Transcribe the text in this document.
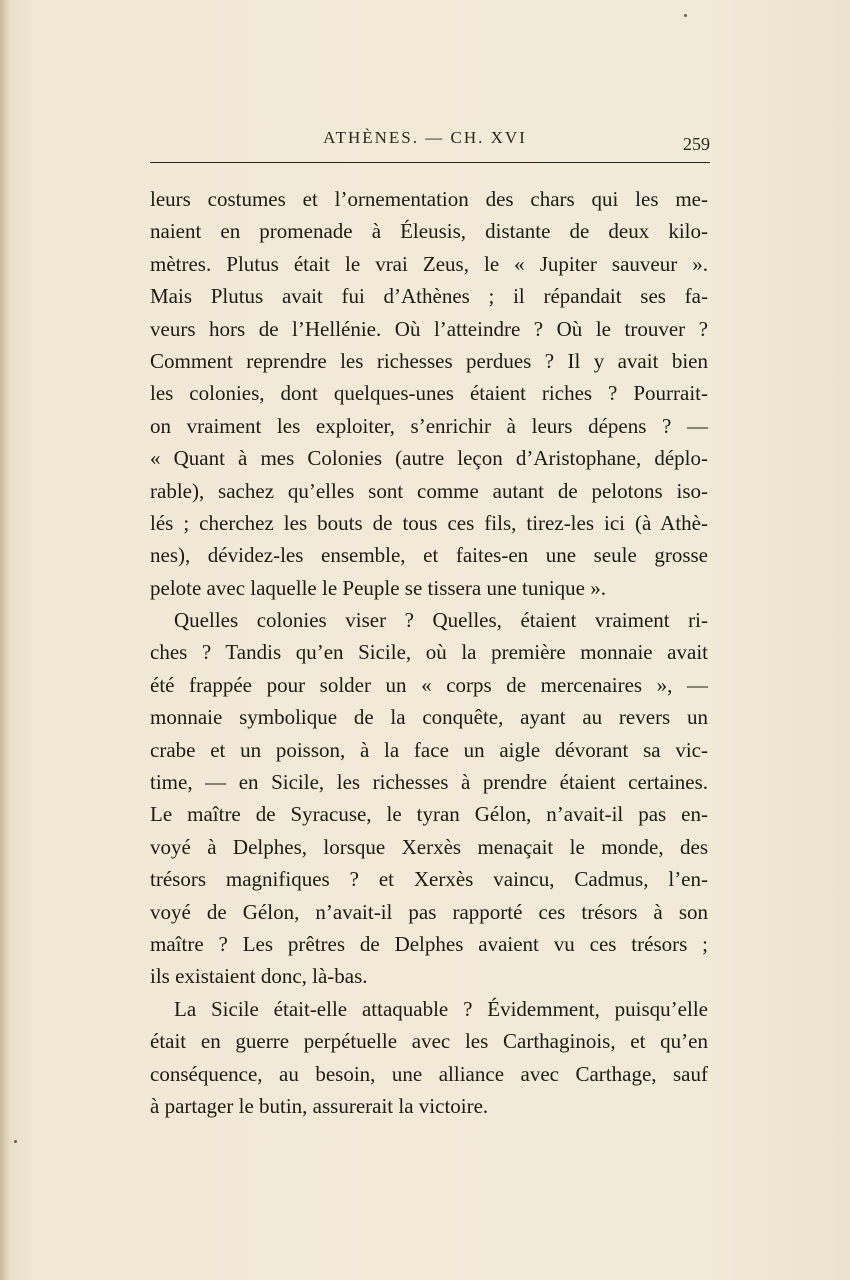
ATHÈNES. — CH. XVI	259
leurs costumes et l’ornementation des chars qui les me-
naient en promenade à Éleusis, distante de deux kilo-
mètres. Plutus était le vrai Zeus, le « Jupiter sauveur ».
Mais Plutus avait fui d’Athènes ; il répandait ses fa-
veurs hors de l’Hellénie. Où l’atteindre ? Où le trouver ?
Comment reprendre les richesses perdues ? Il y avait bien
les colonies, dont quelques-unes étaient riches ? Pourrait-
on vraiment les exploiter, s’enrichir à leurs dépens ? —
« Quant à mes Colonies (autre leçon d’Aristophane, déplo-
rable), sachez qu’elles sont comme autant de pelotons iso-
lés ; cherchez les bouts de tous ces fils, tirez-les ici (à Athè-
nes), dévidez-les ensemble, et faites-en une seule grosse
pelote avec laquelle le Peuple se tissera une tunique ».
Quelles colonies viser ? Quelles, étaient vraiment ri-
ches ? Tandis qu’en Sicile, où la première monnaie avait
été frappée pour solder un « corps de mercenaires », —
monnaie symbolique de la conquête, ayant au revers un
crabe et un poisson, à la face un aigle dévorant sa vic-
time, — en Sicile, les richesses à prendre étaient certaines.
Le maître de Syracuse, le tyran Gélon, n’avait-il pas en-
voyé à Delphes, lorsque Xerxès menaçait le monde, des
trésors magnifiques ? et Xerxès vaincu, Cadmus, l’en-
voyé de Gélon, n’avait-il pas rapporté ces trésors à son
maître ? Les prêtres de Delphes avaient vu ces trésors ;
ils existaient donc, là-bas.
La Sicile était-elle attaquable ? Évidemment, puisqu’elle
était en guerre perpétuelle avec les Carthaginois, et qu’en
conséquence, au besoin, une alliance avec Carthage, sauf
à partager le butin, assurerait la victoire.
